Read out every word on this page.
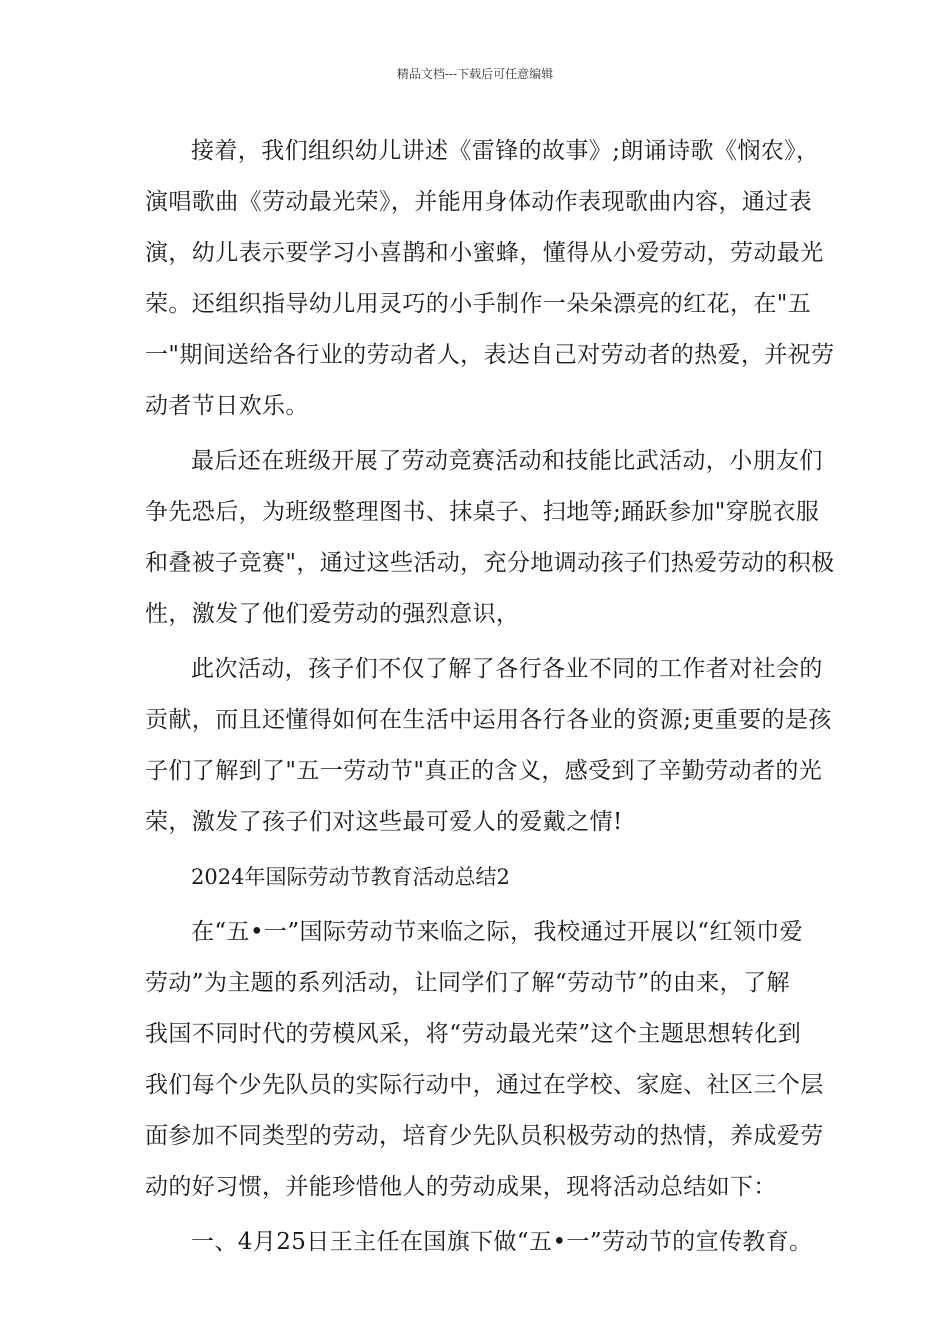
精品文档---下载后可任意编辑
接着，我们组织幼儿讲述《雷锋的故事》;朗诵诗歌《悯农》，
演唱歌曲《劳动最光荣》，并能用身体动作表现歌曲内容，通过表
演，幼儿表示要学习小喜鹊和小蜜蜂，懂得从小爱劳动，劳动最光
荣。还组织指导幼儿用灵巧的小手制作一朵朵漂亮的红花，在"五
一"期间送给各行业的劳动者人，表达自己对劳动者的热爱，并祝劳
动者节日欢乐。
最后还在班级开展了劳动竞赛活动和技能比武活动，小朋友们
争先恐后，为班级整理图书、抹桌子、扫地等;踊跃参加"穿脱衣服
和叠被子竞赛"，通过这些活动，充分地调动孩子们热爱劳动的积极
性，激发了他们爱劳动的强烈意识，
此次活动，孩子们不仅了解了各行各业不同的工作者对社会的
贡献，而且还懂得如何在生活中运用各行各业的资源;更重要的是孩
子们了解到了"五一劳动节"真正的含义，感受到了辛勤劳动者的光
荣，激发了孩子们对这些最可爱人的爱戴之情!
2024年国际劳动节教育活动总结2
在“五•一”国际劳动节来临之际，我校通过开展以“红领巾爱
劳动”为主题的系列活动，让同学们了解“劳动节”的由来，了解
我国不同时代的劳模风采，将“劳动最光荣”这个主题思想转化到
我们每个少先队员的实际行动中，通过在学校、家庭、社区三个层
面参加不同类型的劳动，培育少先队员积极劳动的热情，养成爱劳
动的好习惯，并能珍惜他人的劳动成果，现将活动总结如下：
一、4月25日王主任在国旗下做“五•一”劳动节的宣传教育。
